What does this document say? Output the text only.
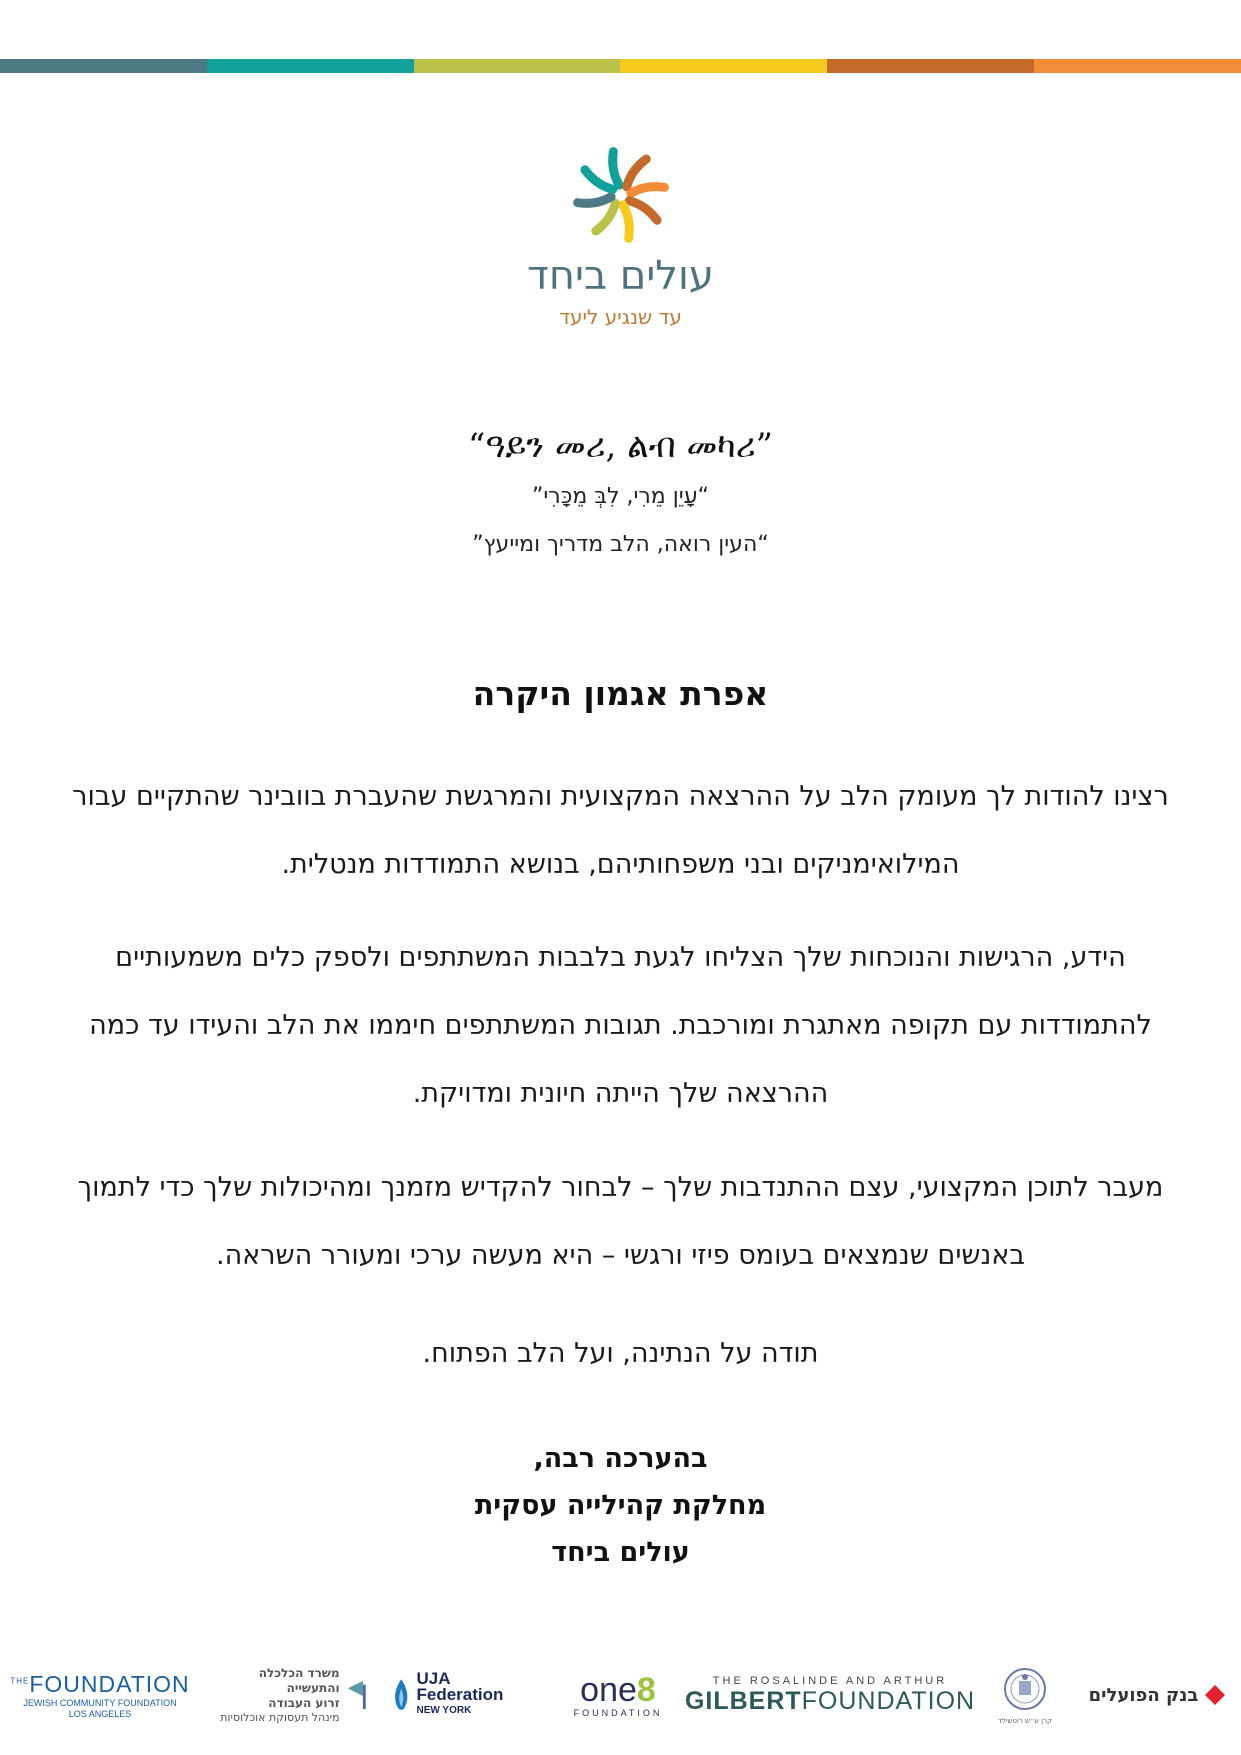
עולים ביחד
עד שנגיע ליעד
”ዓይን መሪ, ልብ መካሪ“
“עָיֵן מֵרִי, לִבְּ מֵכָּרִי”
“העין רואה, הלב מדריך ומייעץ”
אפרת אגמון היקרה

רצינו להודות לך מעומק הלב על ההרצאה המקצועית והמרגשת שהעברת בוובינר שהתקיים עבור המילואימניקים ובני משפחותיהם, בנושא התמודדות מנטלית.

הידע, הרגישות והנוכחות שלך הצליחו לגעת בלבבות המשתתפים ולספק כלים משמעותיים להתמודדות עם תקופה מאתגרת ומורכבת. תגובות המשתתפים חיממו את הלב והעידו עד כמה ההרצאה שלך הייתה חיונית ומדויקת.

מעבר לתוכן המקצועי, עצם ההתנדבות שלך – לבחור להקדיש מזמנך ומהיכולות שלך כדי לתמוך באנשים שנמצאים בעומס פיזי ורגשי – היא מעשה ערכי ומעורר השראה.

תודה על הנתינה, ועל הלב הפתוח.

בהערכה רבה,
מחלקת קהילייה עסקית
עולים ביחד
$^{THE}$FOUNDATION
JEWISH COMMUNITY FOUNDATION
LOS ANGELES
משרד הכלכלה והתעשייה
זרוע העבודה
מינהל תעסוקת אוכלוסיות
UJA Federation
NEW YORK
one8
FOUNDATION
THE ROSALINDE AND ARTHUR
GILBERTFOUNDATION
קרן ע״ש רוטשילד
בנק הפועלים
